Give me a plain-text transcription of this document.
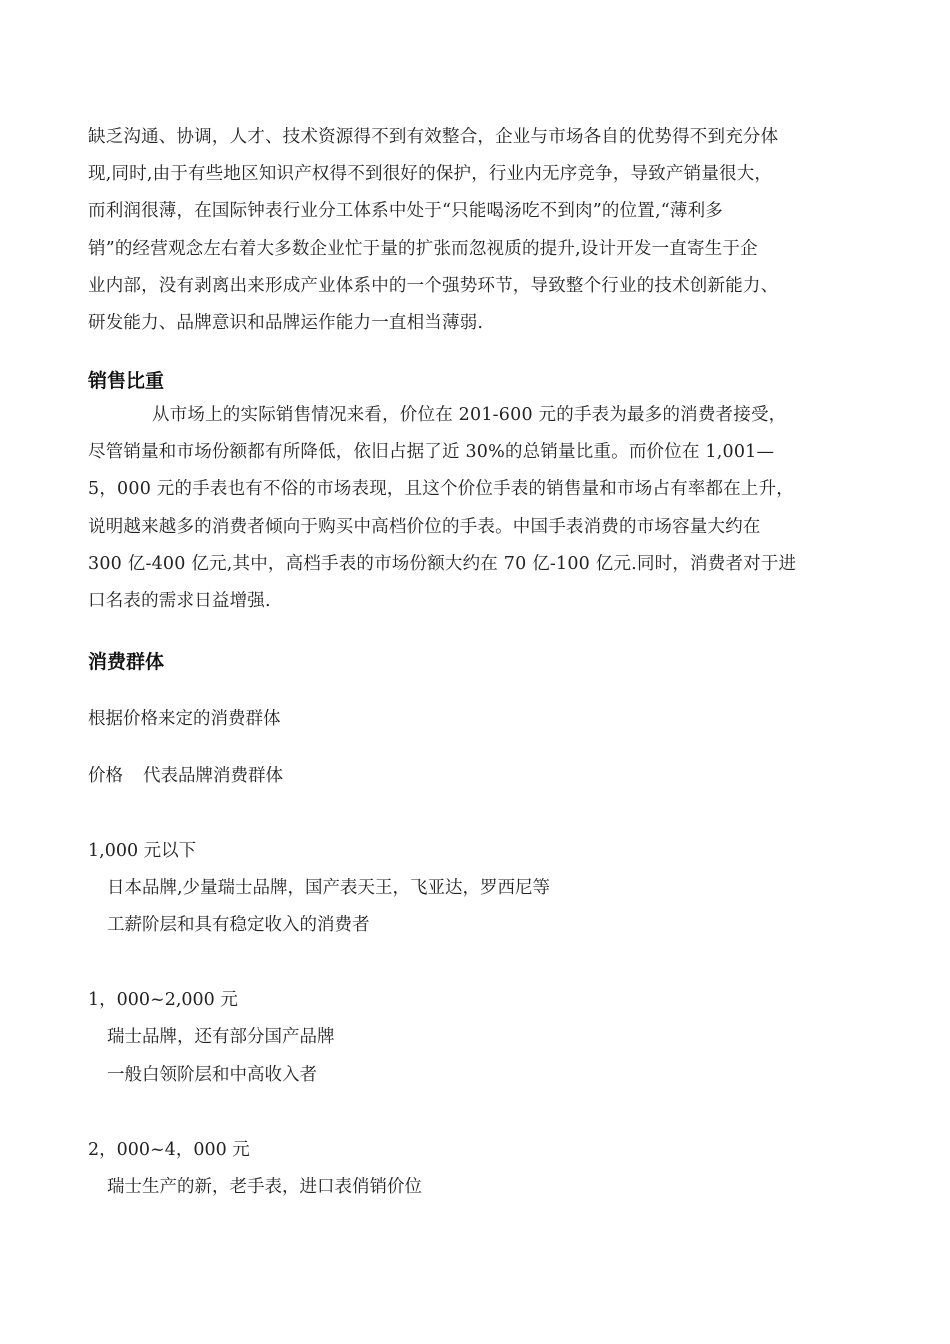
缺乏沟通、协调，人才、技术资源得不到有效整合，企业与市场各自的优势得不到充分体
现,同时,由于有些地区知识产权得不到很好的保护，行业内无序竞争，导致产销量很大，
而利润很薄，在国际钟表行业分工体系中处于“只能喝汤吃不到肉”的位置,“薄利多
销”的经营观念左右着大多数企业忙于量的扩张而忽视质的提升,设计开发一直寄生于企
业内部，没有剥离出来形成产业体系中的一个强势环节，导致整个行业的技术创新能力、
研发能力、品牌意识和品牌运作能力一直相当薄弱.
销售比重
从市场上的实际销售情况来看，价位在 201-600 元的手表为最多的消费者接受，
尽管销量和市场份额都有所降低，依旧占据了近 30%的总销量比重。而价位在 1,001—
5，000 元的手表也有不俗的市场表现，且这个价位手表的销售量和市场占有率都在上升，
说明越来越多的消费者倾向于购买中高档价位的手表。中国手表消费的市场容量大约在
300 亿-400 亿元,其中，高档手表的市场份额大约在 70 亿-100 亿元.同时，消费者对于进
口名表的需求日益增强.
消费群体

根据价格来定的消费群体

价格 代表品牌消费群体

1,000 元以下

日本品牌,少量瑞士品牌，国产表天王，飞亚达，罗西尼等

工薪阶层和具有稳定收入的消费者

1，000~2,000 元

瑞士品牌，还有部分国产品牌

一般白领阶层和中高收入者

2，000~4，000 元

瑞士生产的新，老手表，进口表俏销价位
